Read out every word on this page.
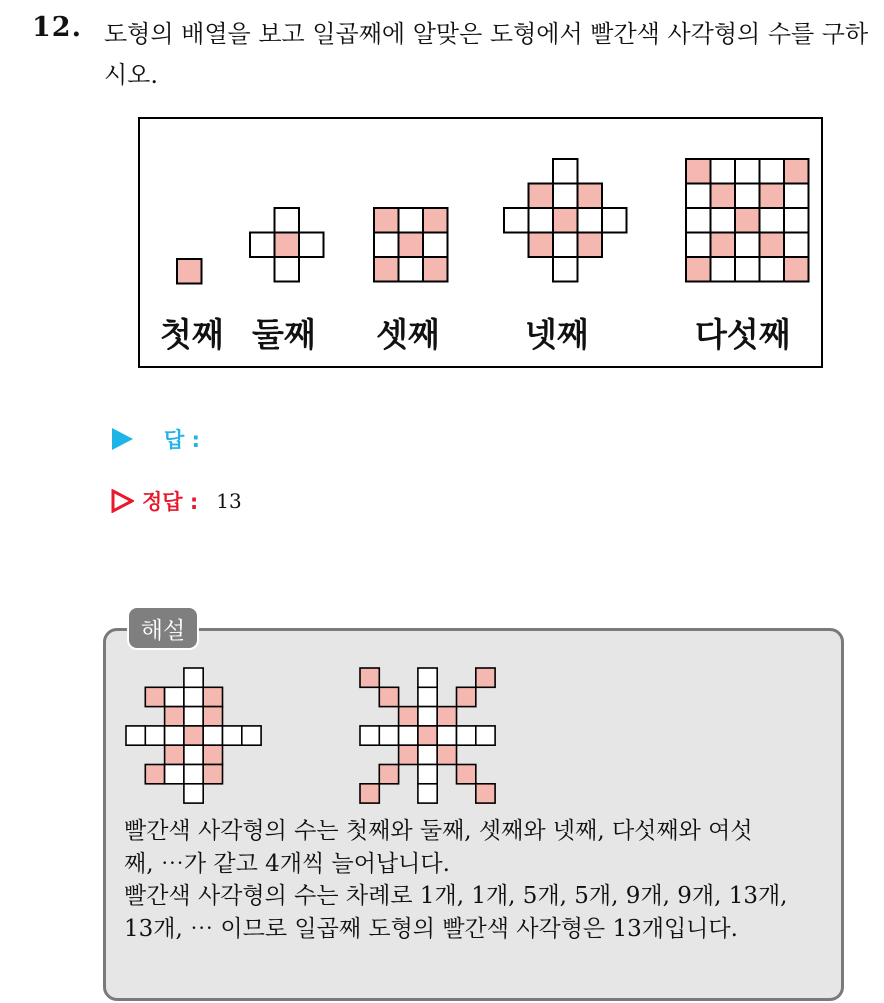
12. 도형의 배열을 보고 일곱째에 알맞은 도형에서 빨간색 사각형의 수를 구하시오.
첫째 둘째 셋째	넷째	다섯째
답 :
정답 : 13
해설

빨간색 사각형의 수는 첫째와 둘째, 셋째와 넷째, 다섯째와 여섯

째, ⋯가 같고 4개씩 늘어납니다.

빨간색 사각형의 수는 차례로 1개, 1개, 5개, 5개, 9개, 9개, 13개,

13개, ⋯ 이므로 일곱째 도형의 빨간색 사각형은 13개입니다.
